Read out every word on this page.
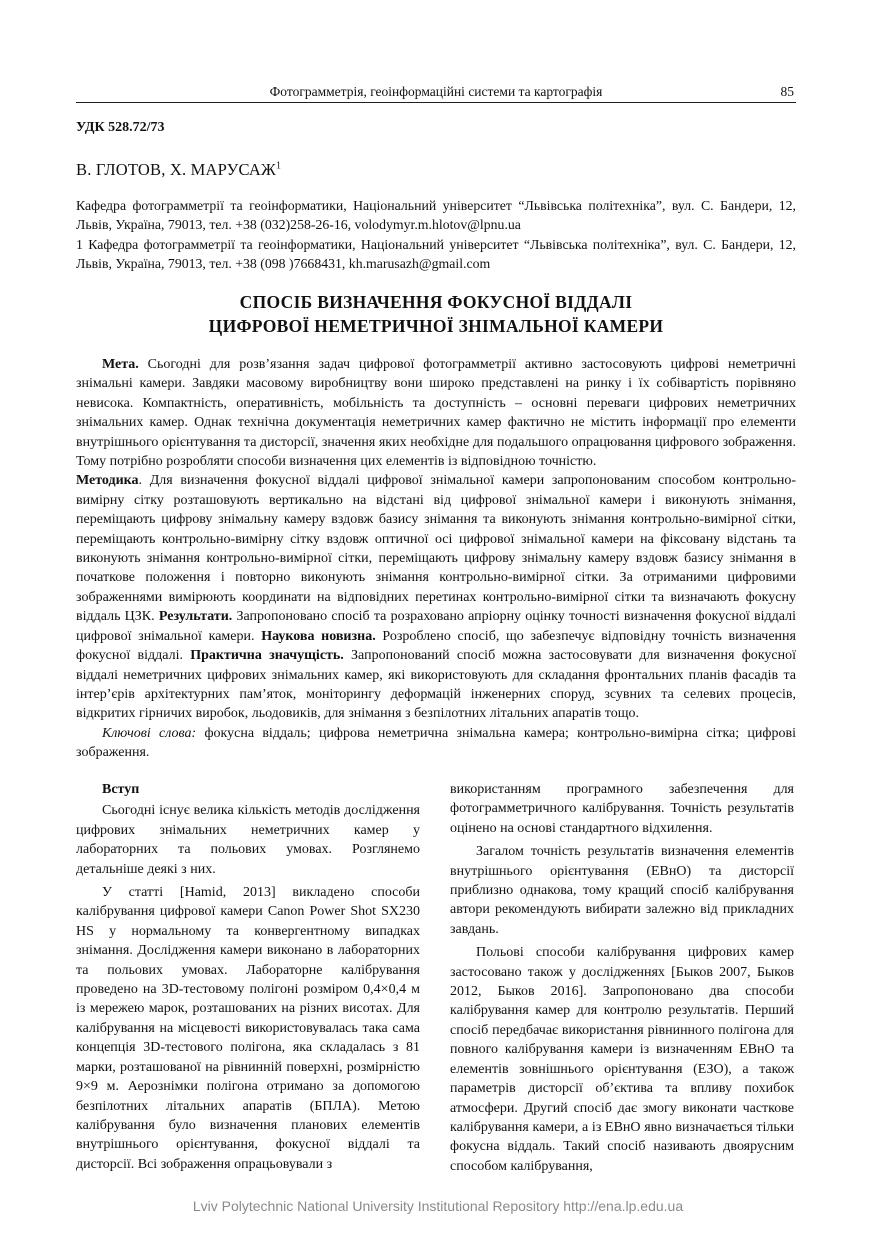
Фотограмметрія, геоінформаційні системи та картографія	85
УДК 528.72/73
В. ГЛОТОВ, Х. МАРУСАЖ$^1$
Кафедра фотограмметрії та геоінформатики, Національний університет “Львівська політехніка”, вул. С. Бандери, 12, Львів, Україна, 79013, тел. +38 (032)258-26-16, volodymyr.m.hlotov@lpnu.ua
1 Кафедра фотограмметрії та геоінформатики, Національний університет “Львівська політехніка”, вул. С. Бандери, 12, Львів, Україна, 79013, тел. +38 (098 )7668431, kh.marusazh@gmail.com
СПОСІБ ВИЗНАЧЕННЯ ФОКУСНОЇ ВІДДАЛІ
ЦИФРОВОЇ НЕМЕТРИЧНОЇ ЗНІМАЛЬНОЇ КАМЕРИ

Мета. Сьогодні для розв’язання задач цифрової фотограмметрії активно застосовують цифрові неметричні знімальні камери. Завдяки масовому виробництву вони широко представлені на ринку і їх собівартість порівняно невисока. Компактність, оперативність, мобільність та доступність – основні переваги цифрових неметричних знімальних камер. Однак технічна документація неметричних камер фактично не містить інформації про елементи внутрішнього орієнтування та дисторсії, значення яких необхідне для подальшого опрацювання цифрового зображення. Тому потрібно розробляти способи визначення цих елементів із відповідною точністю.

Методика. Для визначення фокусної віддалі цифрової знімальної камери запропонованим способом контрольно-вимірну сітку розташовують вертикально на відстані від цифрової знімальної камери і виконують знімання, переміщають цифрову знімальну камеру вздовж базису знімання та виконують знімання контрольно-вимірної сітки, переміщають контрольно-вимірну сітку вздовж оптичної осі цифрової знімальної камери на фіксовану відстань та виконують знімання контрольно-вимірної сітки, переміщають цифрову знімальну камеру вздовж базису знімання в початкове положення і повторно виконують знімання контрольно-вимірної сітки. За отриманими цифровими зображеннями вимірюють координати на відповідних перетинах контрольно-вимірної сітки та визначають фокусну віддаль ЦЗК. Результати. Запропоновано спосіб та розраховано апріорну оцінку точності визначення фокусної віддалі цифрової знімальної камери. Наукова новизна. Розроблено спосіб, що забезпечує відповідну точність визначення фокусної віддалі. Практична значущість. Запропонований спосіб можна застосовувати для визначення фокусної віддалі неметричних цифрових знімальних камер, які використовують для складання фронтальних планів фасадів та інтер’єрів архітектурних пам’яток, моніторингу деформацій інженерних споруд, зсувних та селевих процесів, відкритих гірничих виробок, льодовиків, для знімання з безпілотних літальних апаратів тощо.

Ключові слова: фокусна віддаль; цифрова неметрична знімальна камера; контрольно-вимірна сітка; цифрові зображення.

Вступ

Сьогодні існує велика кількість методів дослідження цифрових знімальних неметричних камер у лабораторних та польових умовах. Розглянемо детальніше деякі з них.

У статті [Hamid, 2013] викладено способи калібрування цифрової камери Canon Power Shot SX230 HS у нормальному та конвергентному випадках знімання. Дослідження камери виконано в лабораторних та польових умовах. Лабораторне калібрування проведено на 3D-тестовому полігоні розміром 0,4×0,4 м із мережею марок, розташованих на різних висотах. Для калібрування на місцевості використовувалась така сама концепція 3D-тестового полігона, яка складалась з 81 марки, розташованої на рівнинній поверхні, розмірністю 9×9 м. Аерознімки полігона отримано за допомогою безпілотних літальних апаратів (БПЛА). Метою калібрування було визначення планових елементів внутрішнього орієнтування, фокусної віддалі та дисторсії. Всі зображення опрацьовували з

використанням програмного забезпечення для фотограмметричного калібрування. Точність результатів оцінено на основі стандартного відхилення.

Загалом точність результатів визначення елементів внутрішнього орієнтування (ЕВнО) та дисторсії приблизно однакова, тому кращий спосіб калібрування автори рекомендують вибирати залежно від прикладних завдань.

Польові способи калібрування цифрових камер застосовано також у дослідженнях [Быков 2007, Быков 2012, Быков 2016]. Запропоновано два способи калібрування камер для контролю результатів. Перший спосіб передбачає використання рівнинного полігона для повного калібрування камери із визначенням ЕВнО та елементів зовнішнього орієнтування (ЕЗО), а також параметрів дисторсії об’єктива та впливу похибок атмосфери. Другий спосіб дає змогу виконати часткове калібрування камери, а із ЕВнО явно визначається тільки фокусна віддаль. Такий спосіб називають двоярусним способом калібрування,

Lviv Polytechnic National University Institutional Repository http://ena.lp.edu.ua
